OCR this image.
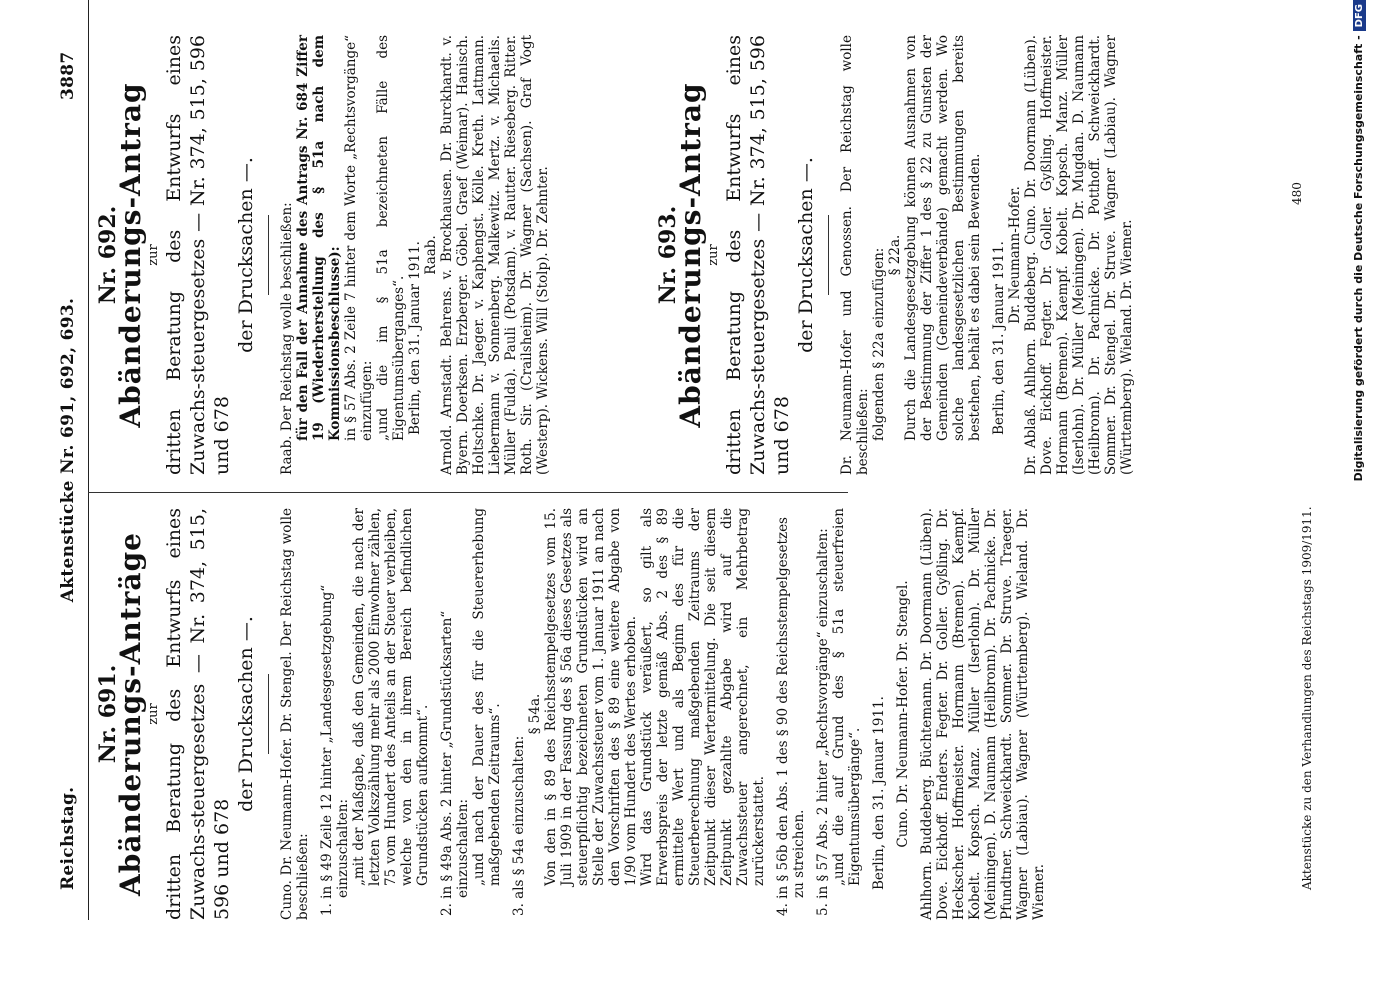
Reichstag.
Aktenstücke Nr. 691, 692, 693.
3887

Nr. 691.

Abänderungs-Anträge zur dritten Beratung des Entwurfs eines Zuwachs-steuergesetzes — Nr. 374, 515, 596 und 678

der Drucksachen —. Cuno. Dr. Neumann-Hofer. Dr. Stengel. Der Reichstag wolle beschließen: 1. in § 49 Zeile 12 hinter „Landesgesetzgebung“ einzuschalten: „mit der Maßgabe, daß den Gemeinden, die nach der letzten Volkszählung mehr als 2000 Einwohner zählen, 75 vom Hundert des Anteils an der Steuer verbleiben, welche von den in ihrem Bereich befindlichen Grundstücken aufkommt“. 2. in § 49a Abs. 2 hinter „Grundstücksarten“ einzuschalten: „und nach der Dauer des für die Steuererhebung maßgebenden Zeitraums“. 3. als § 54a einzuschalten:

§ 54a. Von den in § 89 des Reichsstempelgesetzes vom 15. Juli 1909 in der Fassung des § 56a dieses Gesetzes als steuerpflichtig bezeichneten Grundstücken wird an Stelle der Zuwachssteuer vom 1. Januar 1911 an nach den Vorschriften des § 89 eine weitere Abgabe von 1/90 vom Hundert des Wertes erhoben. Wird das Grundstück veräußert, so gilt als Erwerbspreis der letzte gemäß Abs. 2 des § 89 ermittelte Wert und als Beginn des für die Steuerberechnung maßgebenden Zeitraums der Zeitpunkt dieser Wertermittelung. Die seit diesem Zeitpunkt gezahlte Abgabe wird auf die Zuwachssteuer angerechnet, ein Mehrbetrag zurückerstattet. 4. in § 56b den Abs. 1 des § 90 des Reichsstempelgesetzes zu streichen. 5. in § 57 Abs. 2 hinter „Rechtsvorgänge“ einzuschalten: „und die auf Grund des § 51a steuerfreien Eigentumsübergänge“. Berlin, den 31. Januar 1911. Cuno. Dr. Neumann-Hofer. Dr. Stengel. Ahlhorn. Buddeberg. Büchtemann. Dr. Doormann (Lüben). Dove. Eickhoff. Enders. Fegter. Dr. Goller. Gyßling. Dr. Heckscher. Hoffmeister. Hormann (Bremen). Kaempf. Kobelt. Kopsch. Manz. Müller (Iserlohn). Dr. Müller (Meiningen). D. Naumann (Heilbronn). Dr. Pachnicke. Dr. Pfundtner. Schweickhardt. Sommer. Dr. Struve. Traeger. Wagner (Labiau). Wagner (Württemberg). Wieland. Dr. Wiemer.

Nr. 692.

Abänderungs-Antrag zur dritten Beratung des Entwurfs eines Zuwachs-steuergesetzes — Nr. 374, 515, 596 und 678

der Drucksachen —. Raab. Der Reichstag wolle beschließen: für den Fall der Annahme des Antrags Nr. 684 Ziffer 19 (Wiederherstellung des § 51a nach dem Kommissionsbeschlusse): in § 57 Abs. 2 Zeile 7 hinter dem Worte „Rechtsvorgänge“ einzufügen: „und die im § 51a bezeichneten Fälle des Eigentumsüberganges“. Berlin, den 31. Januar 1911. Raab. Arnold. Arnstadt. Behrens. v. Brockhausen. Dr. Burckhardt. v. Byern. Doerksen. Erzberger. Göbel. Graef (Weimar). Hanisch. Holtschke. Dr. Jaeger. v. Kaphengst. Kölle. Kreth. Lattmann. Liebermann v. Sonnenberg. Malkewitz. Mertz. v. Michaelis. Müller (Fulda). Pauli (Potsdam). v. Rautter. Rieseberg. Ritter. Roth. Sir. (Crailsheim). Dr. Wagner (Sachsen). Graf Vogt (Westerp). Wickens. Will (Stolp). Dr. Zehnter.	Nr. 693.

Abänderungs-Antrag zur dritten Beratung des Entwurfs eines Zuwachs-steuergesetzes — Nr. 374, 515, 596 und 678

der Drucksachen —. Dr. Neumann-Hofer und Genossen. Der Reichstag wolle beschließen: folgenden § 22a einzufügen: § 22a. Durch die Landesgesetzgebung können Ausnahmen von der Bestimmung der Ziffer 1 des § 22 zu Gunsten der Gemeinden (Gemeindeverbände) gemacht werden. Wo solche landesgesetzlichen Bestimmungen bereits bestehen, behält es dabei sein Bewenden. Berlin, den 31. Januar 1911. Dr. Neumann-Hofer. Dr. Ablaß. Ahlhorn. Buddeberg. Cuno. Dr. Doormann (Lüben). Dove. Eickhoff. Fegter. Dr. Goller. Gyßling. Hoffmeister. Hormann (Bremen). Kaempf. Kobelt. Kopsch. Manz. Müller (Iserlohn). Dr. Müller (Meiningen). Dr. Mugdan. D. Naumann (Heilbronn). Dr. Pachnicke. Dr. Potthoff. Schweickhardt. Sommer. Dr. Stengel. Dr. Struve. Wagner (Labiau). Wagner (Württemberg). Wieland. Dr. Wiemer.

Aktenstücke zu den Verhandlungen des Reichstags 1909/1911.
480	Digitalisierung gefördert durch die Deutsche Forschungsgemeinschaft -DFG
